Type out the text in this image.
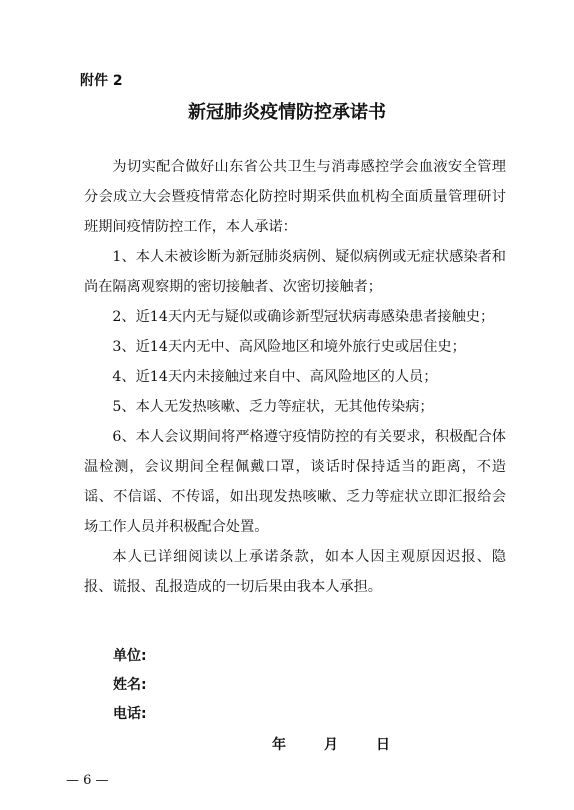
附件 2
新冠肺炎疫情防控承诺书

为切实配合做好山东省公共卫生与消毒感控学会血液安全管理分会成立大会暨疫情常态化防控时期采供血机构全面质量管理研讨班期间疫情防控工作，本人承诺：

1、本人未被诊断为新冠肺炎病例、疑似病例或无症状感染者和尚在隔离观察期的密切接触者、次密切接触者；

2、近14天内无与疑似或确诊新型冠状病毒感染患者接触史；

3、近14天内无中、高风险地区和境外旅行史或居住史；

4、近14天内未接触过来自中、高风险地区的人员；

5、本人无发热咳嗽、乏力等症状，无其他传染病；

6、本人会议期间将严格遵守疫情防控的有关要求，积极配合体温检测，会议期间全程佩戴口罩，谈话时保持适当的距离，不造谣、不信谣、不传谣，如出现发热咳嗽、乏力等症状立即汇报给会场工作人员并积极配合处置。

本人已详细阅读以上承诺条款，如本人因主观原因迟报、隐报、谎报、乱报造成的一切后果由我本人承担。

单位:
姓名:
电话:
年	月	日
— 6 —
